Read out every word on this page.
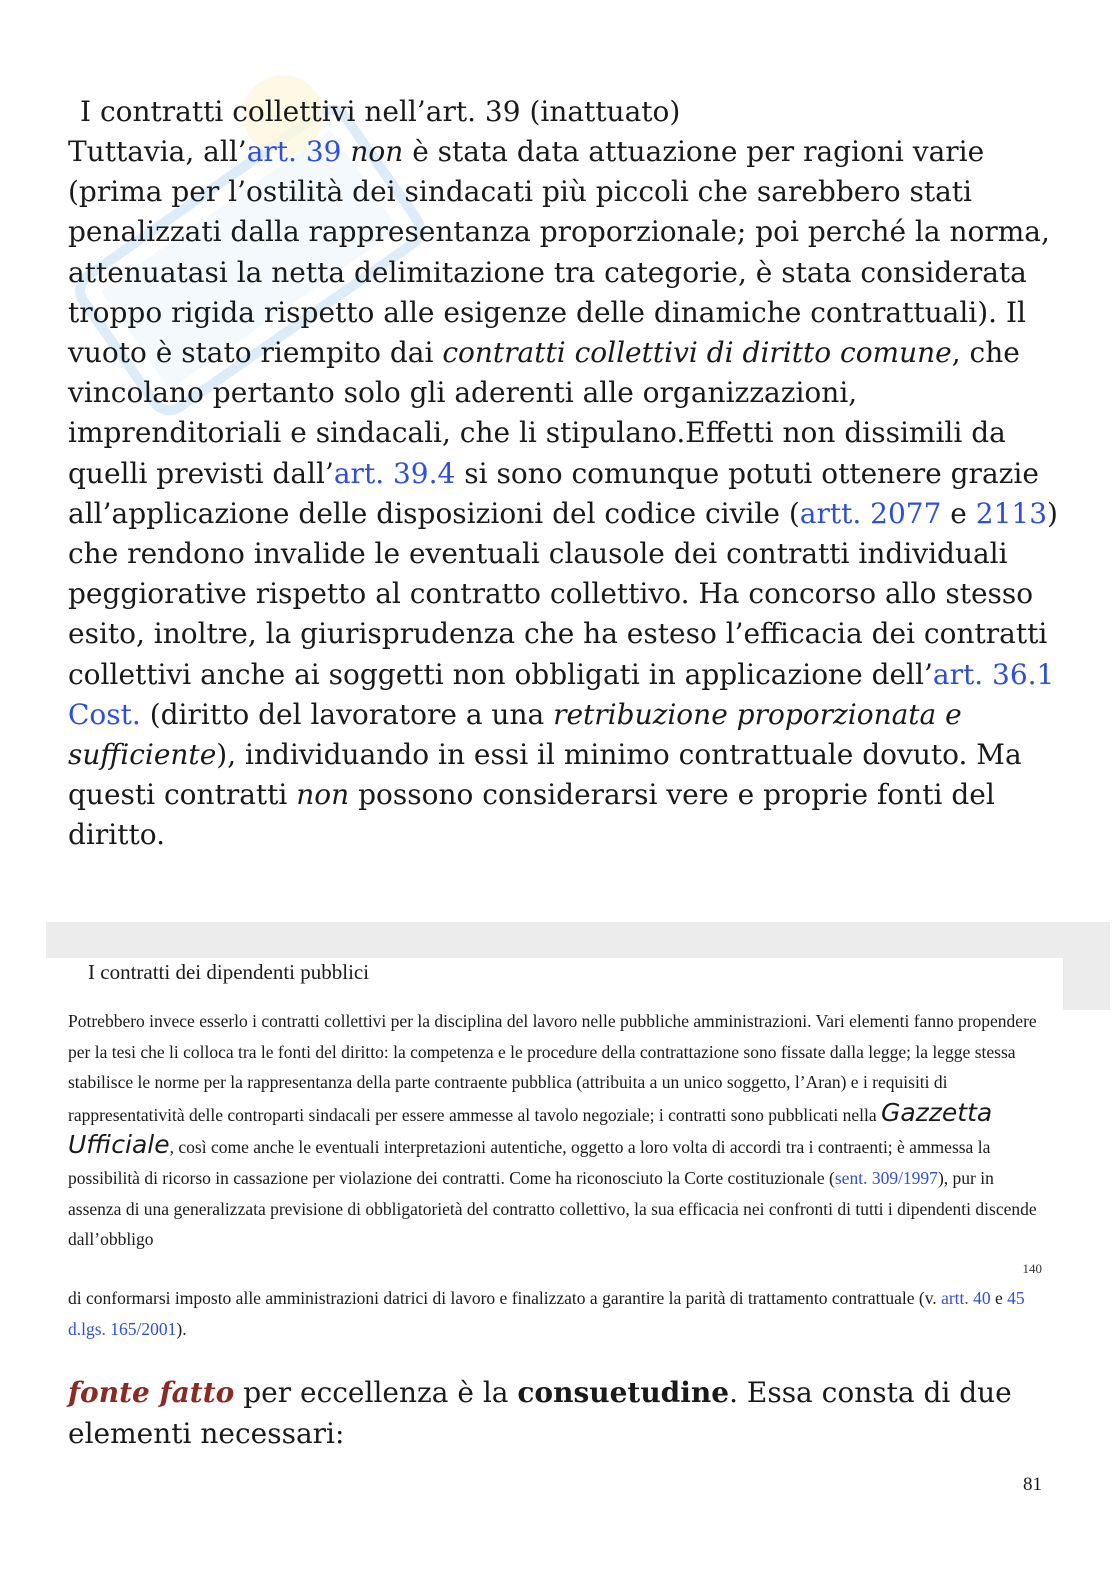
I contratti collettivi nell’art. 39 (inattuato)

Tuttavia, all’art. 39 non è stata data attuazione per ragioni varie (prima per l’ostilità dei sindacati più piccoli che sarebbero stati penalizzati dalla rappresentanza proporzionale; poi perché la norma, attenuatasi la netta delimitazione tra categorie, è stata considerata troppo rigida rispetto alle esigenze delle dinamiche contrattuali). Il vuoto è stato riempito dai contratti collettivi di diritto comune, che vincolano pertanto solo gli aderenti alle organizzazioni, imprenditoriali e sindacali, che li stipulano.Effetti non dissimili da quelli previsti dall’art. 39.4 si sono comunque potuti ottenere grazie all’applicazione delle disposizioni del codice civile (artt. 2077 e 2113) che rendono invalide le eventuali clausole dei contratti individuali peggiorative rispetto al contratto collettivo. Ha concorso allo stesso esito, inoltre, la giurisprudenza che ha esteso l’efficacia dei contratti collettivi anche ai soggetti non obbligati in applicazione dell’art. 36.1 Cost. (diritto del lavoratore a una retribuzione proporzionata e sufficiente), individuando in essi il minimo contrattuale dovuto. Ma questi contratti non possono considerarsi vere e proprie fonti del diritto.

I contratti dei dipendenti pubblici
Potrebbero invece esserlo i contratti collettivi per la disciplina del lavoro nelle pubbliche amministrazioni. Vari elementi fanno propendere per la tesi che li colloca tra le fonti del diritto: la competenza e le procedure della contrattazione sono fissate dalla legge; la legge stessa stabilisce le norme per la rappresentanza della parte contraente pubblica (attribuita a un unico soggetto, l’Aran) e i requisiti di rappresentatività delle controparti sindacali per essere ammesse al tavolo negoziale; i contratti sono pubblicati nella Gazzetta Ufficiale, così come anche le eventuali interpretazioni autentiche, oggetto a loro volta di accordi tra i contraenti; è ammessa la possibilità di ricorso in cassazione per violazione dei contratti. Come ha riconosciuto la Corte costituzionale (sent. 309/1997), pur in assenza di una generalizzata previsione di obbligatorietà del contratto collettivo, la sua efficacia nei confronti di tutti i dipendenti discende dall’obbligo
140
di conformarsi imposto alle amministrazioni datrici di lavoro e finalizzato a garantire la parità di trattamento contrattuale (v. artt. 40 e 45 d.lgs. 165/2001).

fonte fatto per eccellenza è la consuetudine. Essa consta di due elementi necessari:

81
